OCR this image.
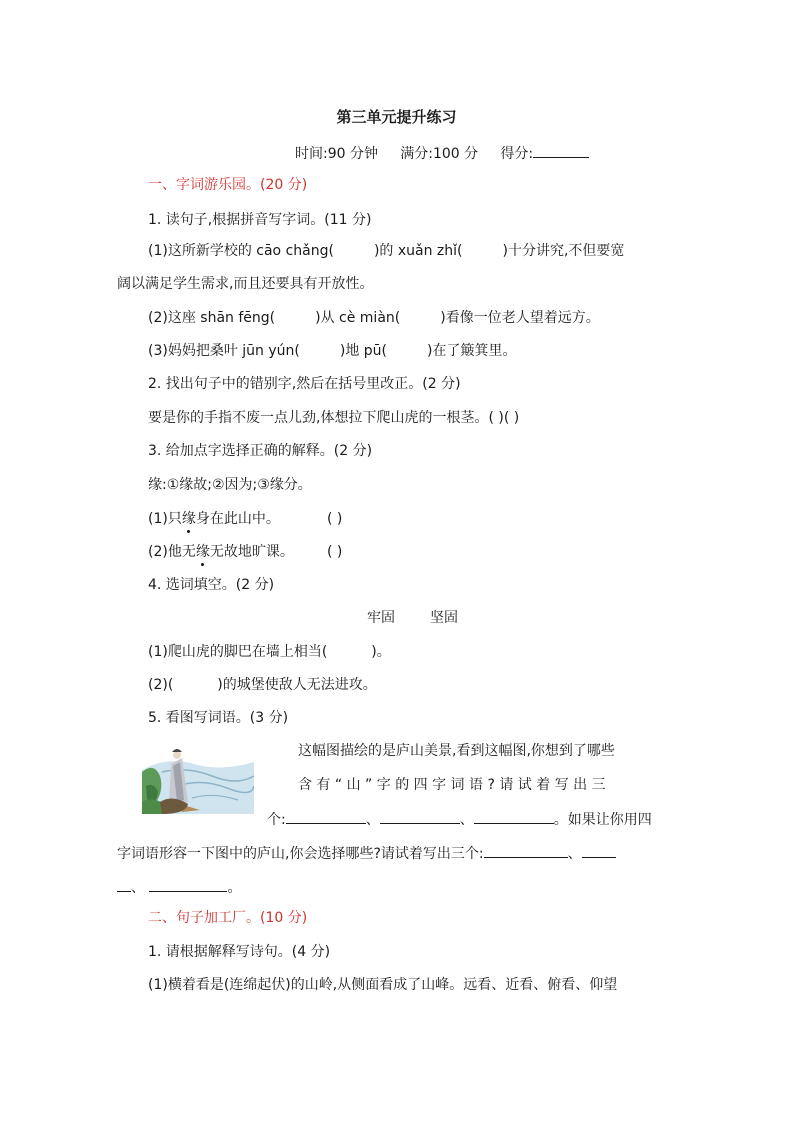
第三单元提升练习
时间:90 分钟 满分:100 分 得分:
一、字词游乐园。(20 分)
1. 读句子,根据拼音写字词。(11 分)
(1)这所新学校的 cāo chǎng(	)的 xuǎn zhǐ(	)十分讲究,不但要宽
阔以满足学生需求,而且还要具有开放性。
(2)这座 shān fēng(	)从 cè miàn(	)看像一位老人望着远方。
(3)妈妈把桑叶 jūn yún(	)地 pū(	)在了簸箕里。
2. 找出句子中的错别字,然后在括号里改正。(2 分)
要是你的手指不废一点儿劲,体想拉下爬山虎的一根茎。( )( )
3. 给加点字选择正确的解释。(2 分)
缘:①缘故;②因为;③缘分。
(1)只缘身在此山中。	( )
(2)他无缘无故地旷课。 ( )
4. 选词填空。(2 分)
牢固	坚固
(1)爬山虎的脚巴在墙上相当(	)。
(2)(	)的城堡使敌人无法进攻。
5. 看图写词语。(3 分)
这幅图描绘的是庐山美景,看到这幅图,你想到了哪些
含 有 “ 山 ” 字 的 四 字 词 语 ? 请 试 着 写 出 三
个:	、	、	。如果让你用四
字词语形容一下图中的庐山,你会选择哪些?请试着写出三个:	、
、	。
二、句子加工厂。(10 分)
1. 请根据解释写诗句。(4 分)
(1)横着看是(连绵起伏)的山岭,从侧面看成了山峰。远看、近看、俯看、仰望
